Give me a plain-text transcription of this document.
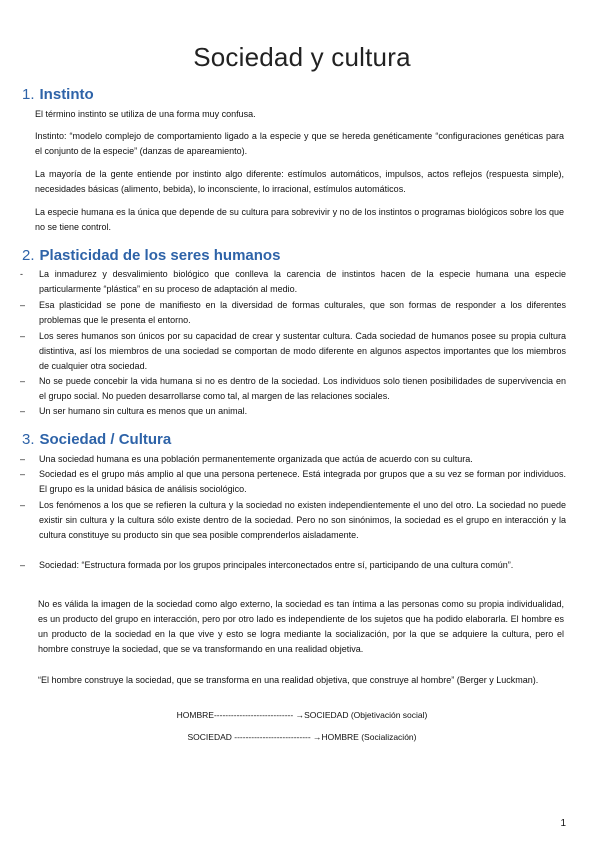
Sociedad y cultura
1. Instinto
El término instinto se utiliza de una forma muy confusa.
Instinto: “modelo complejo de comportamiento ligado a la especie y que se hereda genéticamente “configuraciones genéticas para el conjunto de la especie” (danzas de apareamiento).
La mayoría de la gente entiende por instinto algo diferente: estímulos automáticos, impulsos, actos reflejos (respuesta simple), necesidades básicas (alimento, bebida), lo inconsciente, lo irracional, estímulos automáticos.
La especie humana es la única que depende de su cultura para sobrevivir y no de los instintos o programas biológicos sobre los que no se tiene control.
2. Plasticidad de los seres humanos
-	La inmadurez y desvalimiento biológico que conlleva la carencia de instintos hacen de la especie humana una especie particularmente “plástica” en su proceso de adaptación al medio.
–	Esa plasticidad se pone de manifiesto en la diversidad de formas culturales, que son formas de responder a los diferentes problemas que le presenta el entorno.
–	Los seres humanos son únicos por su capacidad de crear y sustentar cultura. Cada sociedad de humanos posee su propia cultura distintiva, así los miembros de una sociedad se comportan de modo diferente en algunos aspectos importantes que los miembros de cualquier otra sociedad.
–	No se puede concebir la vida humana si no es dentro de la sociedad. Los individuos solo tienen posibilidades de supervivencia en el grupo social. No pueden desarrollarse como tal, al margen de las relaciones sociales.
–	Un ser humano sin cultura es menos que un animal.
3. Sociedad / Cultura
–	Una sociedad humana es una población permanentemente organizada que actúa de acuerdo con su cultura.
–	Sociedad es el grupo más amplio al que una persona pertenece. Está integrada por grupos que a su vez se forman por individuos. El grupo es la unidad básica de análisis sociológico.
–	Los fenómenos a los que se refieren la cultura y la sociedad no existen independientemente el uno del otro. La sociedad no puede existir sin cultura y la cultura sólo existe dentro de la sociedad. Pero no son sinónimos, la sociedad es el grupo en interacción y la cultura constituye su producto sin que sea posible comprenderlos aisladamente.
–	Sociedad: “Estructura formada por los grupos principales interconectados entre sí, participando de una cultura común”.
No es válida la imagen de la sociedad como algo externo, la sociedad es tan íntima a las personas como su propia individualidad, es un producto del grupo en interacción, pero por otro lado es independiente de los sujetos que ha podido elaborarla. El hombre es un producto de la sociedad en la que vive y esto se logra mediante la socialización, por la que se adquiere la cultura, pero el hombre construye la sociedad, que se va transformando en una realidad objetiva.
“El hombre construye la sociedad, que se transforma en una realidad objetiva, que construye al hombre” (Berger y Luckman).
HOMBRE---------------------------- →SOCIEDAD (Objetivación social)
SOCIEDAD --------------------------- →HOMBRE (Socialización)
1
